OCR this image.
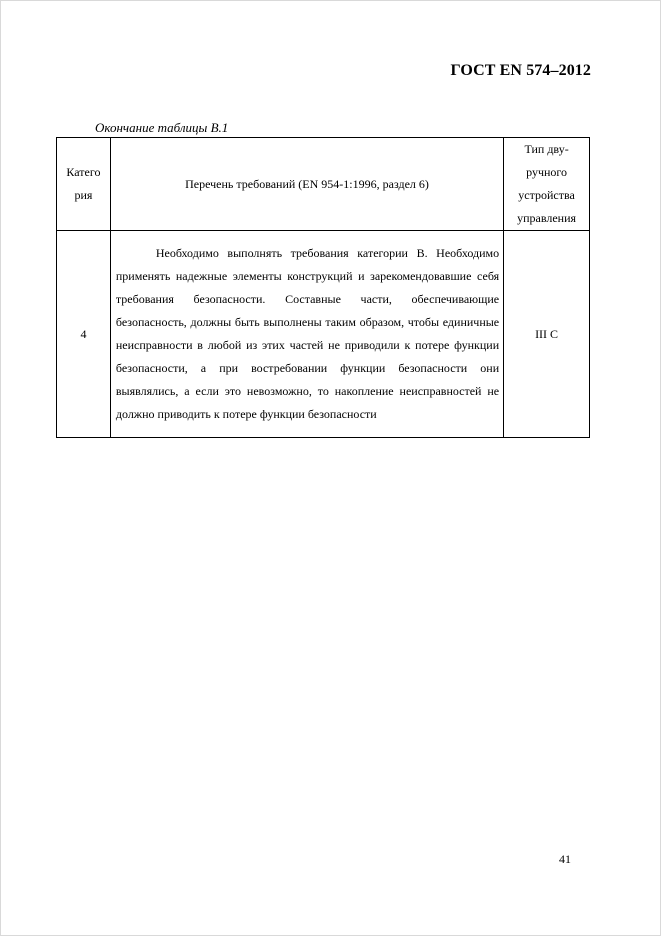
ГОСТ EN 574–2012
Окончание таблицы В.1
Катего рия	Перечень требований (EN 954-1:1996, раздел 6)	Тип дву-ручного устройства управления
4	Необходимо выполнять требования категории В. Необходимо применять надежные элементы конструкций и зарекомендовавшие себя требования безопасности. Составные части, обеспечивающие безопасность, должны быть выполнены таким образом, чтобы единичные неисправности в любой из этих частей не приводили к потере функции безопасности, а при востребовании функции безопасности они выявлялись, а если это невозможно, то накопление неисправностей не должно приводить к потере функции безопасности	III C
41
